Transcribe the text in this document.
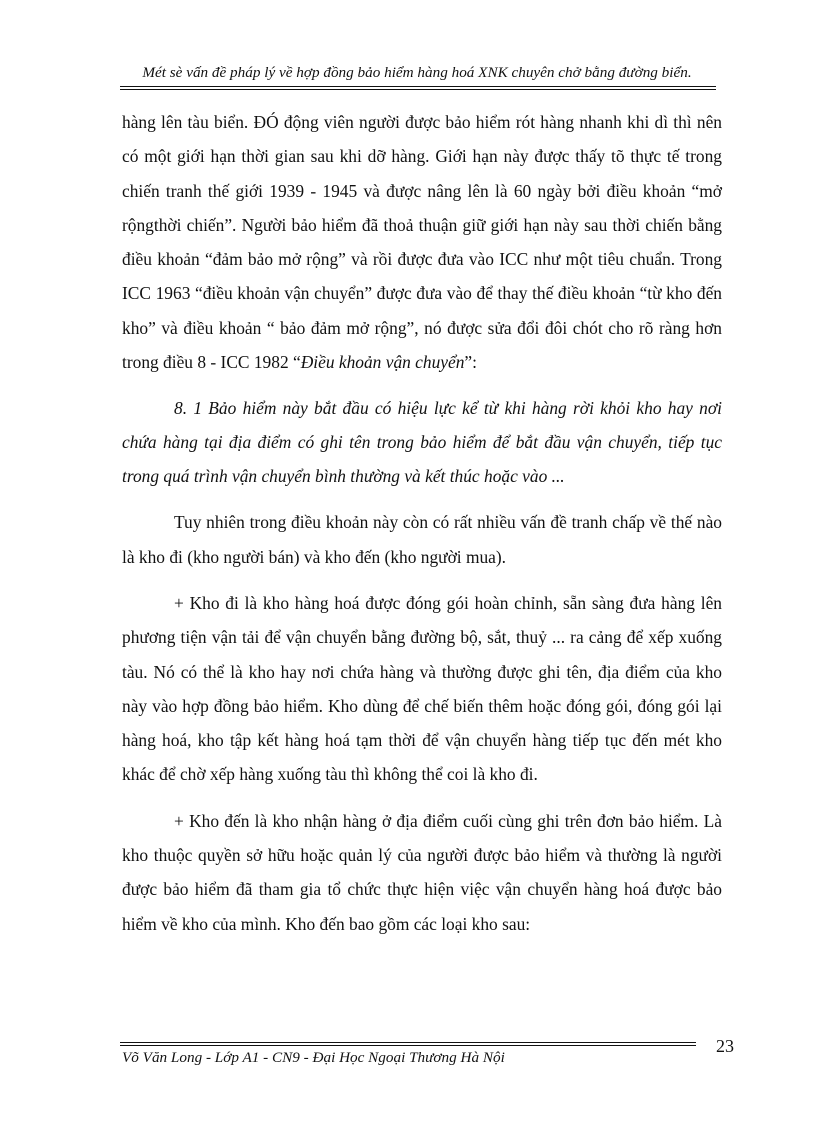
Mét sè vấn đề pháp lý về hợp đồng bảo hiểm hàng hoá XNK chuyên chở bằng đường biển.

hàng lên tàu biển. ĐÓ động viên người được bảo hiểm rót hàng nhanh khi dì thì nên có một giới hạn thời gian sau khi dỡ hàng. Giới hạn này được thấy tõ thực tế trong chiến tranh thế giới 1939 - 1945 và được nâng lên là 60 ngày bởi điều khoản “mở rộngthời chiến”. Người bảo hiểm đã thoả thuận giữ giới hạn này sau thời chiến bằng điều khoản “đảm bảo mở rộng” và rồi được đưa vào ICC như một tiêu chuẩn. Trong ICC 1963 “điều khoản vận chuyển” được đưa vào để thay thế điều khoản “từ kho đến kho” và điều khoản “ bảo đảm mở rộng”, nó được sửa đổi đôi chót cho rõ ràng hơn trong điều 8 - ICC 1982 “Điều khoản vận chuyển”:

8. 1 Bảo hiểm này bắt đầu có hiệu lực kể từ khi hàng rời khỏi kho hay nơi chứa hàng tại địa điểm có ghi tên trong bảo hiểm để bắt đầu vận chuyển, tiếp tục trong quá trình vận chuyển bình thường và kết thúc hoặc vào ...

Tuy nhiên trong điều khoản này còn có rất nhiều vấn đề tranh chấp về thế nào là kho đi (kho người bán) và kho đến (kho người mua).

+ Kho đi là kho hàng hoá được đóng gói hoàn chỉnh, sẵn sàng đưa hàng lên phương tiện vận tải để vận chuyển bằng đường bộ, sắt, thuỷ ... ra cảng để xếp xuống tàu. Nó có thể là kho hay nơi chứa hàng và thường được ghi tên, địa điểm của kho này vào hợp đồng bảo hiểm. Kho dùng để chế biến thêm hoặc đóng gói, đóng gói lại hàng hoá, kho tập kết hàng hoá tạm thời để vận chuyển hàng tiếp tục đến mét kho khác để chờ xếp hàng xuống tàu thì không thể coi là kho đi.

+ Kho đến là kho nhận hàng ở địa điểm cuối cùng ghi trên đơn bảo hiểm. Là kho thuộc quyền sở hữu hoặc quản lý của người được bảo hiểm và thường là người được bảo hiểm đã tham gia tổ chức thực hiện việc vận chuyển hàng hoá được bảo hiểm về kho của mình. Kho đến bao gồm các loại kho sau:

23
Võ Văn Long - Lớp A1 - CN9 - Đại Học Ngoại Thương Hà Nội
